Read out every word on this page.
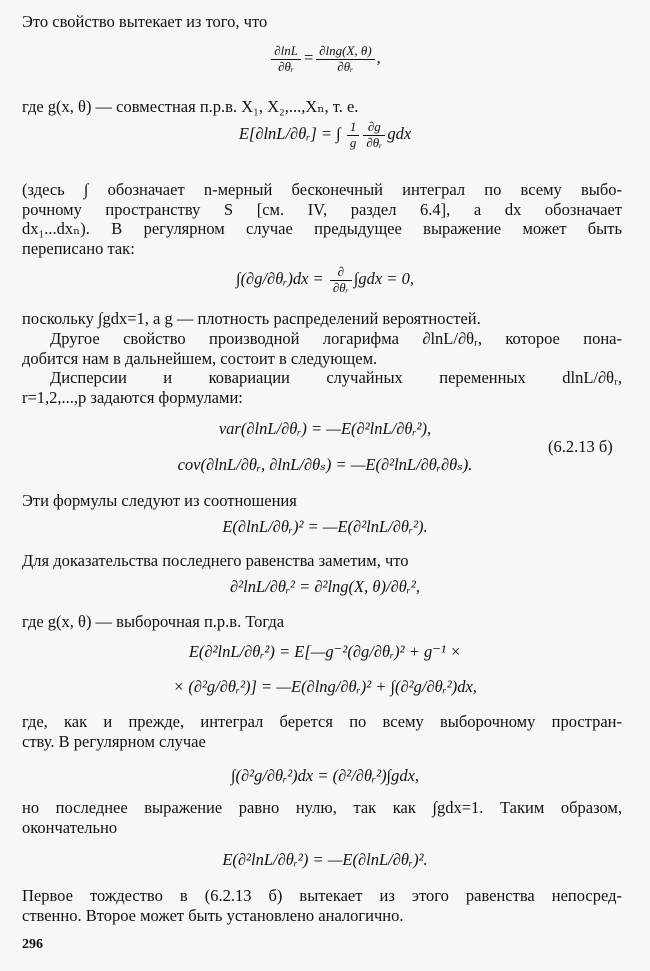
Это свойство вытекает из того, что
$\frac{\partial\ln L}{\text{∂θᵣ}} = \frac{\partial\ln g(X, \theta)}{\text{∂θᵣ}}$ ,
где g(x, θ) — совместная п.р.в. X₁, X₂,...,Xₙ, т. е.
E[∂lnL/∂θᵣ] = ∫ $\frac{1}{g} \frac{\partial g}{\text{∂θᵣ}}$ gdx
(здесь ∫ обозначает n-мерный бесконечный интеграл по всему выбо-
рочному пространству S [см. IV, раздел 6.4], а dx обозначает
dx₁...dxₙ). В регулярном случае предыдущее выражение может быть
переписано так:
∫(∂g/∂θᵣ)dx = $\frac{\partial}{\text{∂θᵣ}} \int gdx = 0$,
поскольку ∫gdx=1, а g — плотность распределений вероятностей.
Другое свойство производной логарифма ∂lnL/∂θᵣ, которое пона-
добится нам в дальнейшем, состоит в следующем.
Дисперсии и ковариации случайных переменных dlnL/∂θᵣ,
r=1,2,...,p задаются формулами:
var(∂lnL/∂θᵣ) = —E(∂²lnL/∂θᵣ²),
cov(∂lnL/∂θᵣ, ∂lnL/∂θₛ) = —E(∂²lnL/∂θᵣ∂θₛ).
(6.2.13 б)
Эти формулы следуют из соотношения
E(∂lnL/∂θᵣ)² = —E(∂²lnL/∂θᵣ²).
Для доказательства последнего равенства заметим, что
∂²lnL/∂θᵣ² = ∂²lng(X, θ)/∂θᵣ²,
где g(x, θ) — выборочная п.р.в. Тогда
E(∂²lnL/∂θᵣ²) = E[—g⁻²(∂g/∂θᵣ)² + g⁻¹ ×
× (∂²g/∂θᵣ²)] = —E(∂lng/∂θᵣ)² + ∫(∂²g/∂θᵣ²)dx,
где, как и прежде, интеграл берется по всему выборочному простран-
ству. В регулярном случае
∫(∂²g/∂θᵣ²)dx = (∂²/∂θᵣ²)∫gdx,
но последнее выражение равно нулю, так как ∫gdx=1. Таким образом,
окончательно
E(∂²lnL/∂θᵣ²) = —E(∂lnL/∂θᵣ)².
Первое тождество в (6.2.13 б) вытекает из этого равенства непосред-
ственно. Второе может быть установлено аналогично.
296
